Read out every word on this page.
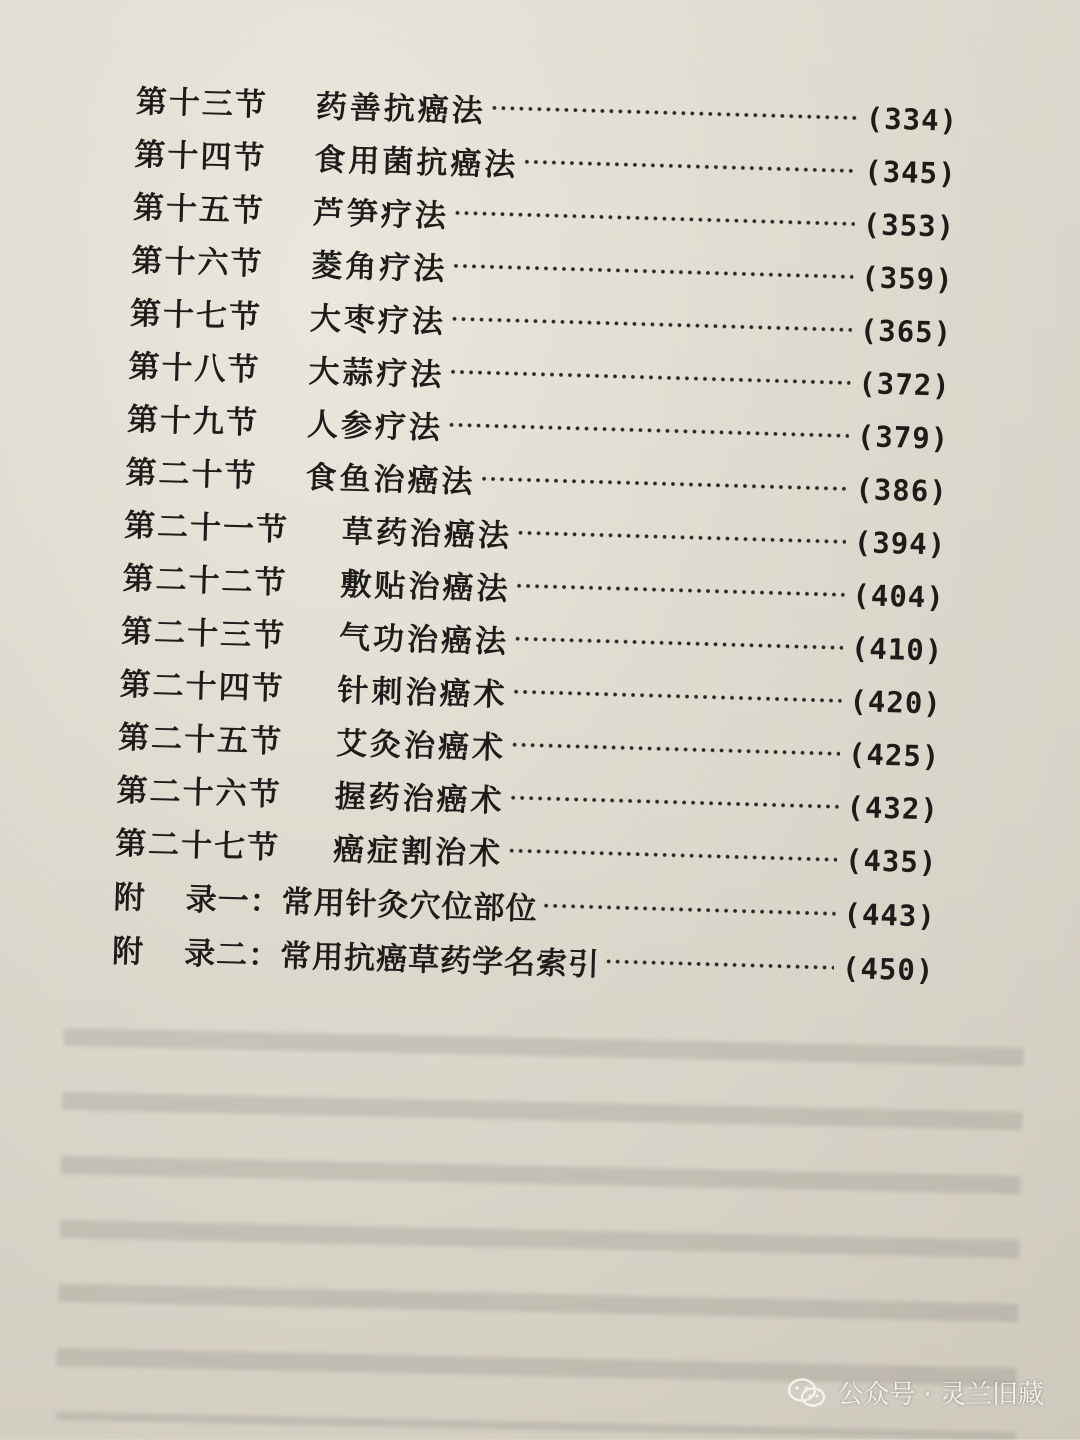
第十三节	药善抗癌法	(334)
第十四节	食用菌抗癌法	(345)
第十五节	芦笋疗法	(353)
第十六节	菱角疗法	(359)
第十七节	大枣疗法	(365)
第十八节	大蒜疗法	(372)
第十九节	人参疗法	(379)
第二十节	食鱼治癌法	(386)
第二十一节	草药治癌法	(394)
第二十二节	敷贴治癌法	(404)
第二十三节	气功治癌法	(410)
第二十四节	针刺治癌术	(420)
第二十五节	艾灸治癌术	(425)
第二十六节	握药治癌术	(432)
第二十七节	癌症割治术	(435)
附	录一：常用针灸穴位部位	(443)
附	录二：常用抗癌草药学名索引	(450)
公众号 · 灵兰旧藏
